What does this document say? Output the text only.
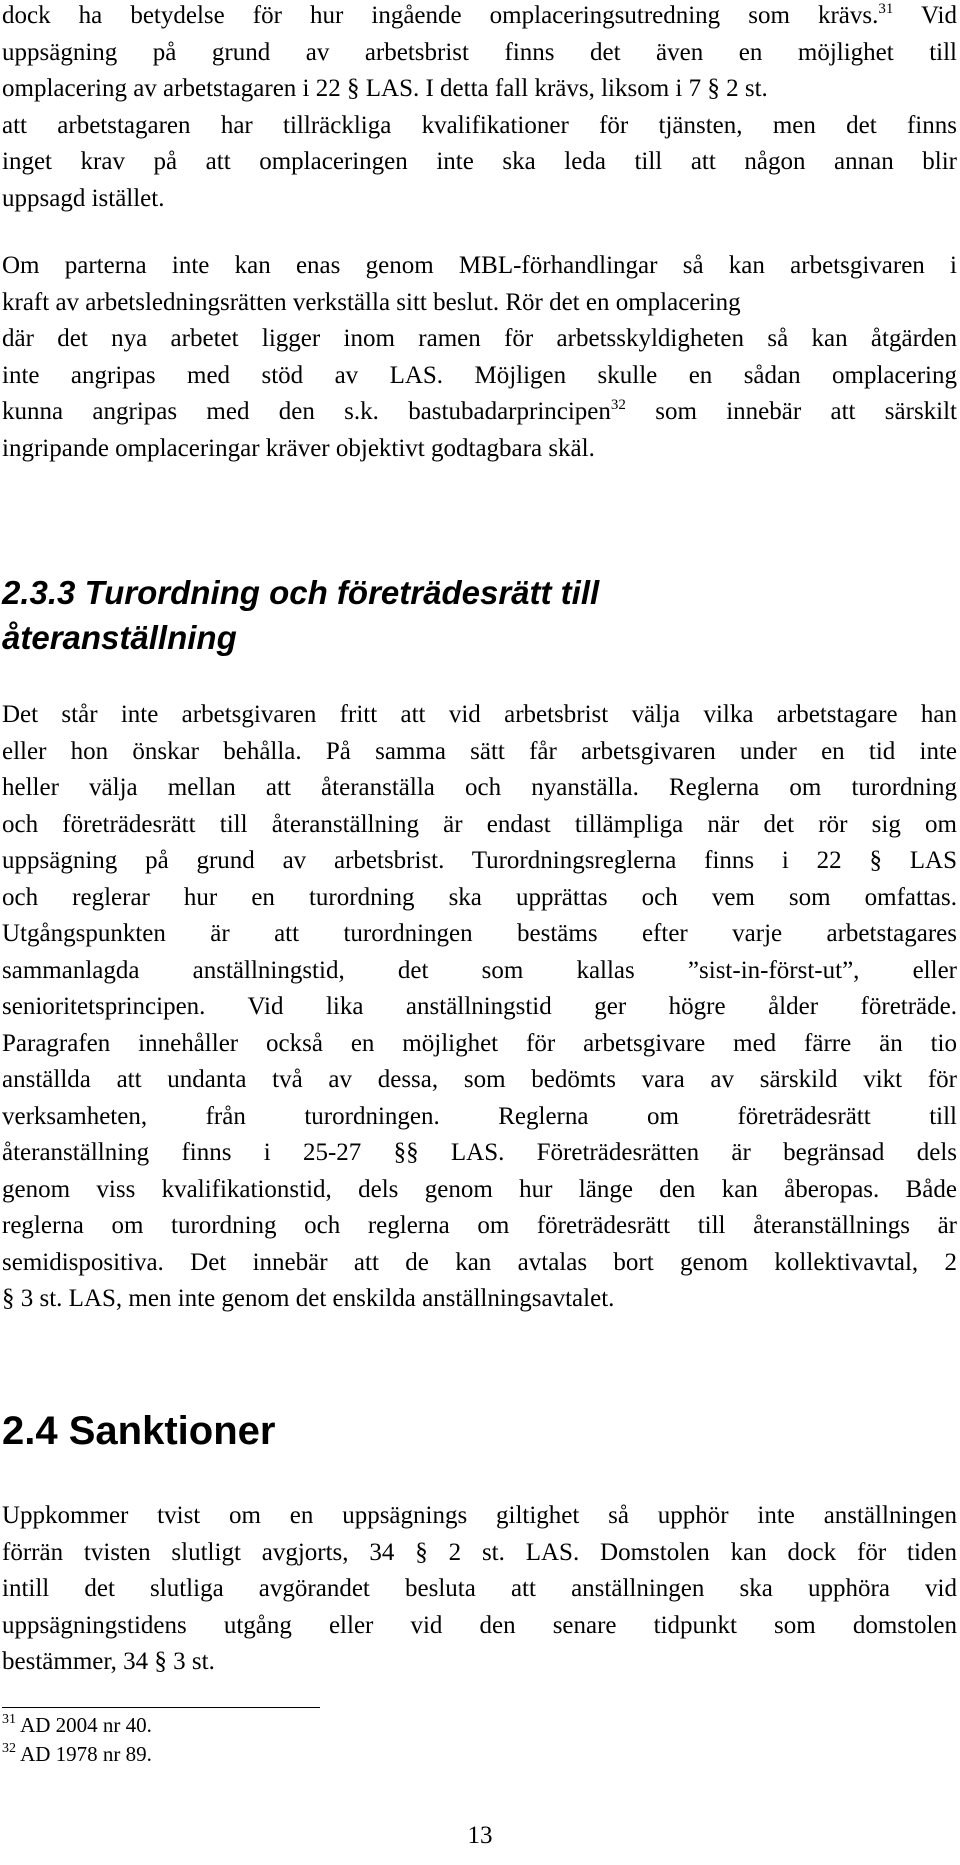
dock ha betydelse för hur ingående omplaceringsutredning som krävs.$^{31}$ Vid
uppsägning på grund av arbetsbrist finns det även en möjlighet till
omplacering av arbetstagaren i 22 § LAS. I detta fall krävs, liksom i 7 § 2 st.
att arbetstagaren har tillräckliga kvalifikationer för tjänsten, men det finns
inget krav på att omplaceringen inte ska leda till att någon annan blir
uppsagd istället.
Om parterna inte kan enas genom MBL-förhandlingar så kan arbetsgivaren i
kraft av arbetsledningsrätten verkställa sitt beslut. Rör det en omplacering
där det nya arbetet ligger inom ramen för arbetsskyldigheten så kan åtgärden
inte angripas med stöd av LAS. Möjligen skulle en sådan omplacering
kunna angripas med den s.k. bastubadarprincipen$^{32}$ som innebär att särskilt
ingripande omplaceringar kräver objektivt godtagbara skäl.
2.3.3 Turordning och företrädesrätt till
återanställning
Det står inte arbetsgivaren fritt att vid arbetsbrist välja vilka arbetstagare han
eller hon önskar behålla. På samma sätt får arbetsgivaren under en tid inte
heller välja mellan att återanställa och nyanställa. Reglerna om turordning
och företrädesrätt till återanställning är endast tillämpliga när det rör sig om
uppsägning på grund av arbetsbrist. Turordningsreglerna finns i 22 § LAS
och reglerar hur en turordning ska upprättas och vem som omfattas.
Utgångspunkten är att turordningen bestäms efter varje arbetstagares
sammanlagda anställningstid, det som kallas ”sist-in-först-ut”, eller
senioritetsprincipen. Vid lika anställningstid ger högre ålder företräde.
Paragrafen innehåller också en möjlighet för arbetsgivare med färre än tio
anställda att undanta två av dessa, som bedömts vara av särskild vikt för
verksamheten, från turordningen. Reglerna om företrädesrätt till
återanställning finns i 25-27 §§ LAS. Företrädesrätten är begränsad dels
genom viss kvalifikationstid, dels genom hur länge den kan åberopas. Både
reglerna om turordning och reglerna om företrädesrätt till återanställnings är
semidispositiva. Det innebär att de kan avtalas bort genom kollektivavtal, 2
§ 3 st. LAS, men inte genom det enskilda anställningsavtalet.
2.4 Sanktioner
Uppkommer tvist om en uppsägnings giltighet så upphör inte anställningen
förrän tvisten slutligt avgjorts, 34 § 2 st. LAS. Domstolen kan dock för tiden
intill det slutliga avgörandet besluta att anställningen ska upphöra vid
uppsägningstidens utgång eller vid den senare tidpunkt som domstolen
bestämmer, 34 § 3 st.
$^{31}$ AD 2004 nr 40.
$^{32}$ AD 1978 nr 89.
13
